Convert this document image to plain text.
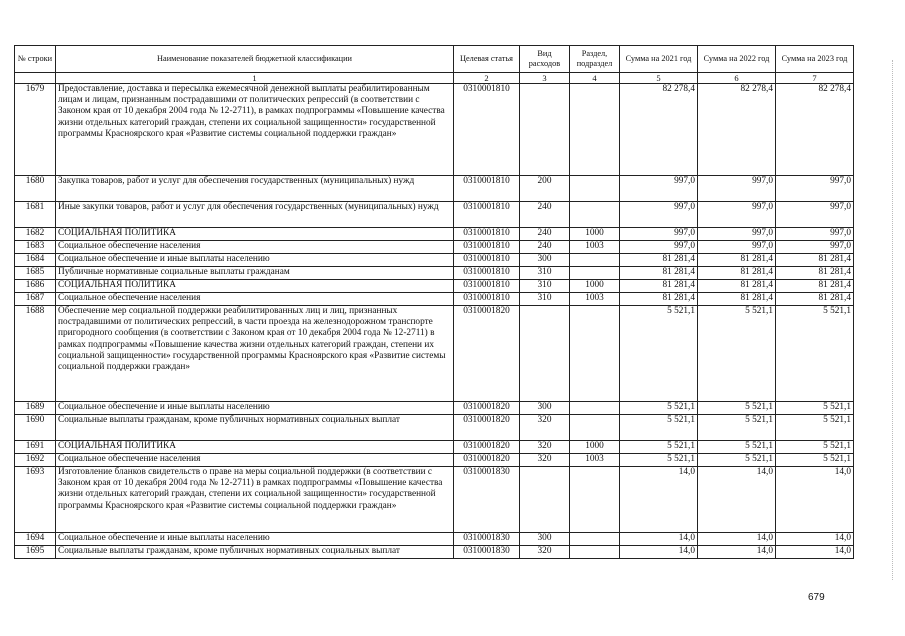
№ строки	Наименование показателей бюджетной классификации	Целевая статья	Вид расходов	Раздел, подраздел	Сумма на 2021 год	Сумма на 2022 год	Сумма на 2023 год
	1	2	3	4	5	6	7
1679	Предоставление, доставка и пересылка ежемесячной денежной выплаты реабилитированным лицам и лицам, признанным пострадавшими от политических репрессий (в соответствии с Законом края от 10 декабря 2004 года № 12-2711), в рамках подпрограммы «Повышение качества жизни отдельных категорий граждан, степени их социальной защищенности» государственной программы Красноярского края «Развитие системы социальной поддержки граждан»	0310001810			82 278,4	82 278,4	82 278,4
1680	Закупка товаров, работ и услуг для обеспечения государственных (муниципальных) нужд	0310001810	200		997,0	997,0	997,0
1681	Иные закупки товаров, работ и услуг для обеспечения государственных (муниципальных) нужд	0310001810	240		997,0	997,0	997,0
1682	СОЦИАЛЬНАЯ ПОЛИТИКА	0310001810	240	1000	997,0	997,0	997,0
1683	Социальное обеспечение населения	0310001810	240	1003	997,0	997,0	997,0
1684	Социальное обеспечение и иные выплаты населению	0310001810	300		81 281,4	81 281,4	81 281,4
1685	Публичные нормативные социальные выплаты гражданам	0310001810	310		81 281,4	81 281,4	81 281,4
1686	СОЦИАЛЬНАЯ ПОЛИТИКА	0310001810	310	1000	81 281,4	81 281,4	81 281,4
1687	Социальное обеспечение населения	0310001810	310	1003	81 281,4	81 281,4	81 281,4
1688	Обеспечение мер социальной поддержки реабилитированных лиц и лиц, признанных пострадавшими от политических репрессий, в части проезда на железнодорожном транспорте пригородного сообщения (в соответствии с Законом края от 10 декабря 2004 года № 12-2711) в рамках подпрограммы «Повышение качества жизни отдельных категорий граждан, степени их социальной защищенности» государственной программы Красноярского края «Развитие системы социальной поддержки граждан»	0310001820			5 521,1	5 521,1	5 521,1
1689	Социальное обеспечение и иные выплаты населению	0310001820	300		5 521,1	5 521,1	5 521,1
1690	Социальные выплаты гражданам, кроме публичных нормативных социальных выплат	0310001820	320		5 521,1	5 521,1	5 521,1
1691	СОЦИАЛЬНАЯ ПОЛИТИКА	0310001820	320	1000	5 521,1	5 521,1	5 521,1
1692	Социальное обеспечение населения	0310001820	320	1003	5 521,1	5 521,1	5 521,1
1693	Изготовление бланков свидетельств о праве на меры социальной поддержки (в соответствии с Законом края от 10 декабря 2004 года № 12-2711) в рамках подпрограммы «Повышение качества жизни отдельных категорий граждан, степени их социальной защищенности» государственной программы Красноярского края «Развитие системы социальной поддержки граждан»	0310001830			14,0	14,0	14,0
1694	Социальное обеспечение и иные выплаты населению	0310001830	300		14,0	14,0	14,0
1695	Социальные выплаты гражданам, кроме публичных нормативных социальных выплат	0310001830	320		14,0	14,0	14,0
679
